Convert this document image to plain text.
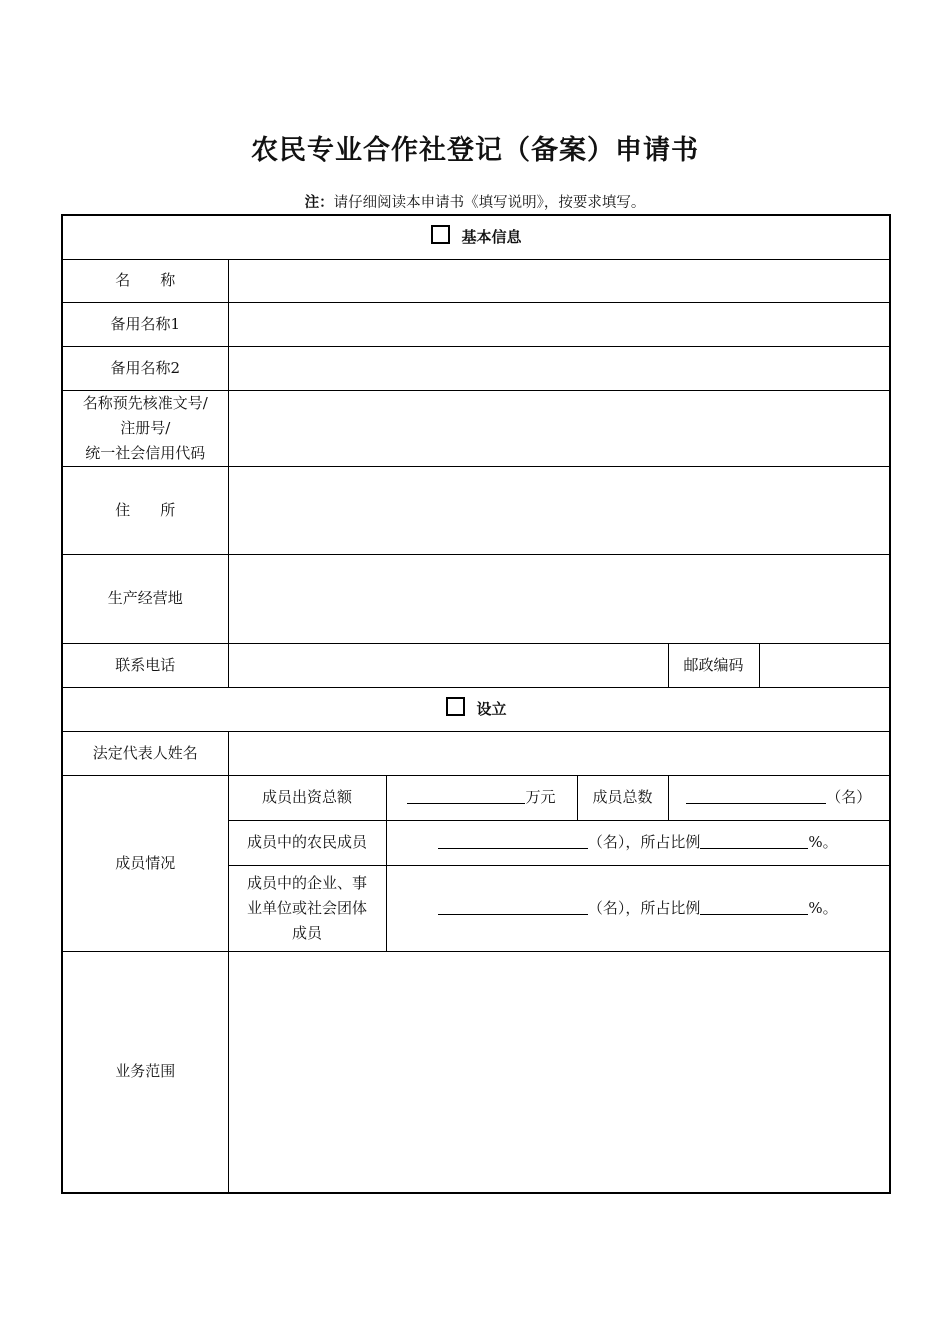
农民专业合作社登记（备案）申请书
注：请仔细阅读本申请书《填写说明》，按要求填写。
基本信息					
名　　称					
备用名称1					
备用名称2					

名称预先核准文号/
注册号/
统一社会信用代码					

住　　所					
生产经营地					
联系电话				邮政编码	
设立					
法定代表人姓名					
成员情况	成员出资总额	万元	成员总数	（名）	
	成员中的农民成员	（名），所占比例 %。			

	成员中的企业、事
业单位或社会团体
成员	（名），所占比例 %。			
业务范围					
